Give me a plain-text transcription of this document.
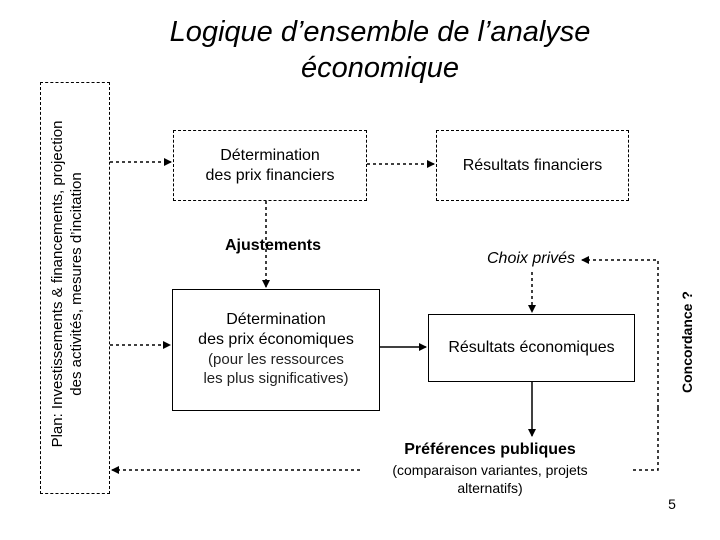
Logique d’ensemble de l’analyse
économique
Plan: Investissements & financements, projection des activités, mesures d’incitation
Détermination
des prix financiers
Résultats financiers
Ajustements
Choix privés
Détermination
des prix économiques
(pour les ressources
les plus significatives)
Résultats économiques
Préférences publiques
(comparaison variantes, projets
alternatifs)
Concordance ?
5
